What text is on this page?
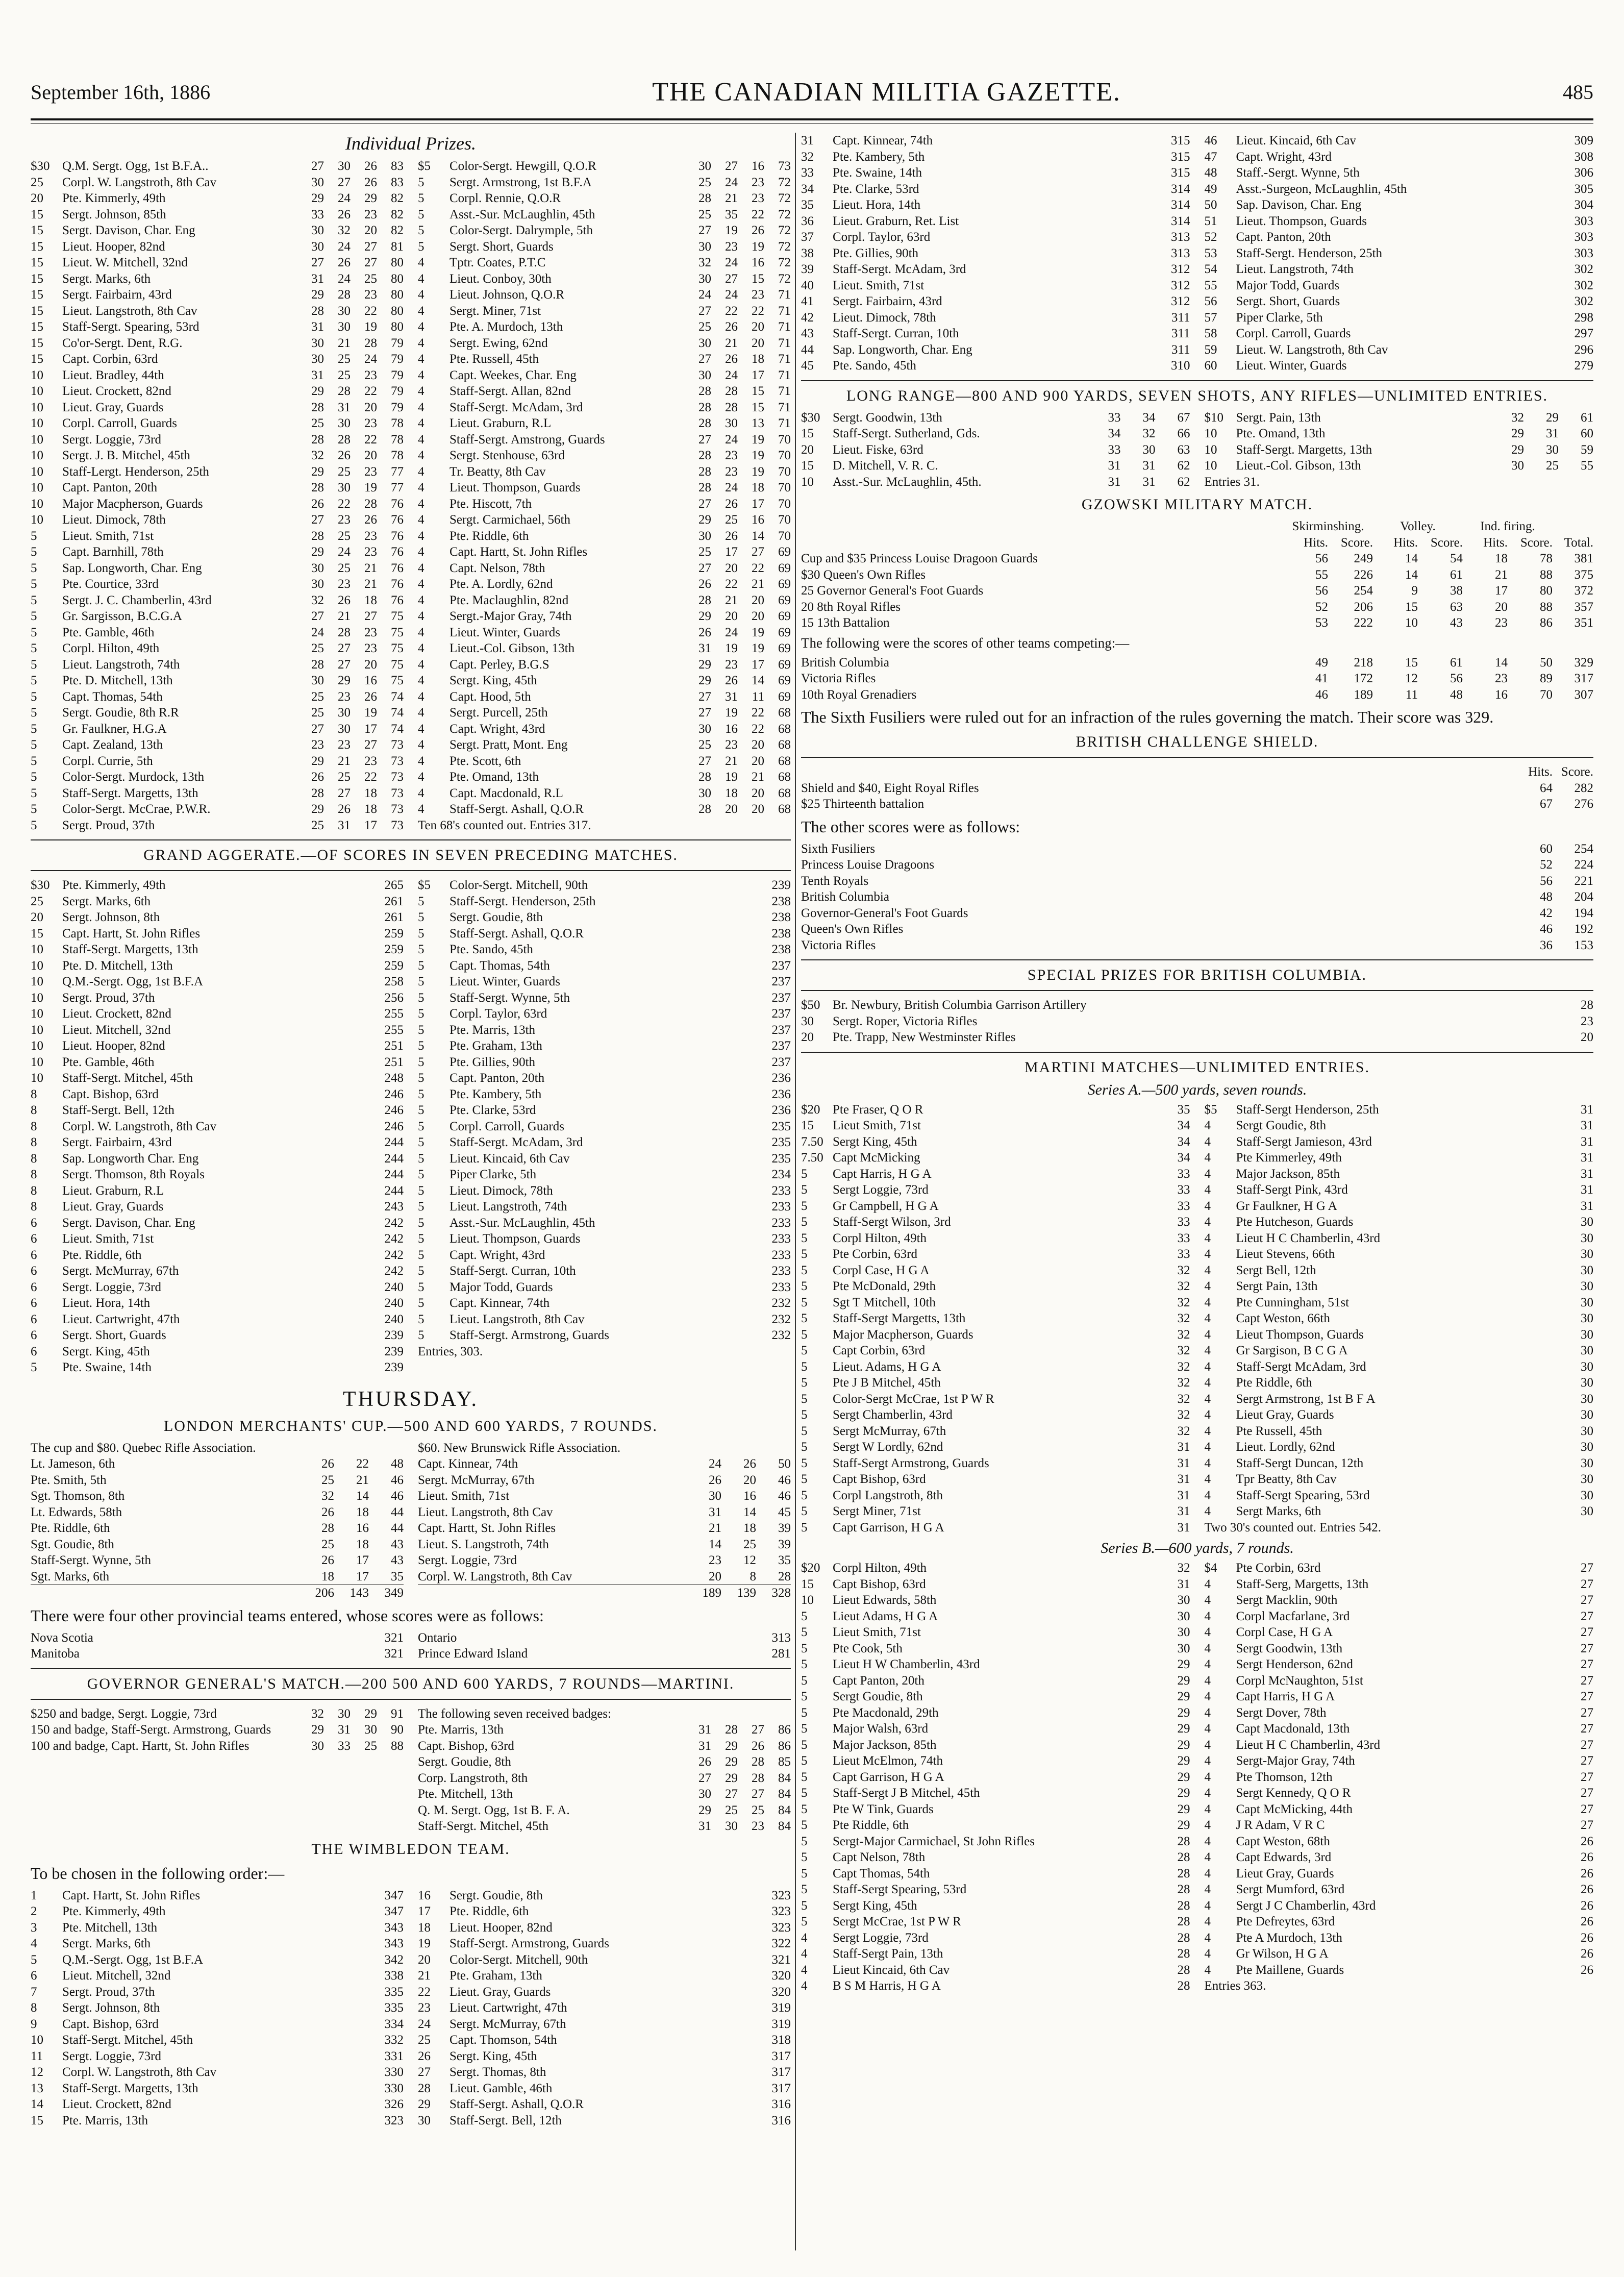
September 16th, 1886	THE CANADIAN MILITIA GAZETTE.	485
Individual Prizes.
$30 Q.M. Sergt. Ogg, 1st B.F.A..	27	30	26	83
25	Corpl. W. Langstroth, 8th Cav	30	27	26	83
20	Pte. Kimmerly, 49th	29	24	29	82
15	Sergt. Johnson, 85th	33	26	23	82
15	Sergt. Davison, Char. Eng	30	32	20	82
15	Lieut. Hooper, 82nd	30	24	27	81
15	Lieut. W. Mitchell, 32nd	27	26	27	80
15	Sergt. Marks, 6th	31	24	25	80
15	Sergt. Fairbairn, 43rd	29	28	23	80
15	Lieut. Langstroth, 8th Cav	28	30	22	80
15	Staff-Sergt. Spearing, 53rd	31	30	19	80
15	Co'or-Sergt. Dent, R.G.	30	21	28	79
15	Capt. Corbin, 63rd	30	25	24	79
10	Lieut. Bradley, 44th	31	25	23	79
10	Lieut. Crockett, 82nd	29	28	22	79
10	Lieut. Gray, Guards	28	31	20	79
10	Corpl. Carroll, Guards	25	30	23	78
10	Sergt. Loggie, 73rd	28	28	22	78
10	Sergt. J. B. Mitchel, 45th	32	26	20	78
10	Staff-Lergt. Henderson, 25th	29	25	23	77
10	Capt. Panton, 20th	28	30	19	77
10	Major Macpherson, Guards	26	22	28	76
10	Lieut. Dimock, 78th	27	23	26	76
5	Lieut. Smith, 71st	28	25	23	76
5	Capt. Barnhill, 78th	29	24	23	76
5	Sap. Longworth, Char. Eng	30	25	21	76
5	Pte. Courtice, 33rd	30	23	21	76
5	Sergt. J. C. Chamberlin, 43rd	32	26	18	76
5	Gr. Sargisson, B.C.G.A	27	21	27	75
5	Pte. Gamble, 46th	24	28	23	75
5	Corpl. Hilton, 49th	25	27	23	75
5	Lieut. Langstroth, 74th	28	27	20	75
5	Pte. D. Mitchell, 13th	30	29	16	75
5	Capt. Thomas, 54th	25	23	26	74
5	Sergt. Goudie, 8th R.R	25	30	19	74
5	Gr. Faulkner, H.G.A	27	30	17	74
5	Capt. Zealand, 13th	23	23	27	73
5	Corpl. Currie, 5th	29	21	23	73
5	Color-Sergt. Murdock, 13th	26	25	22	73
5	Staff-Sergt. Margetts, 13th	28	27	18	73
5	Color-Sergt. McCrae, P.W.R.	29	26	18	73
5	Sergt. Proud, 37th	25	31	17	73
$5	Color-Sergt. Hewgill, Q.O.R	30	27	16	73
5	Sergt. Armstrong, 1st B.F.A	25	24	23	72
5	Corpl. Rennie, Q.O.R	28	21	23	72
5	Asst.-Sur. McLaughlin, 45th	25	35	22	72
5	Color-Sergt. Dalrymple, 5th	27	19	26	72
5	Sergt. Short, Guards	30	23	19	72
4	Tptr. Coates, P.T.C	32	24	16	72
4	Lieut. Conboy, 30th	30	27	15	72
4	Lieut. Johnson, Q.O.R	24	24	23	71
4	Sergt. Miner, 71st	27	22	22	71
4	Pte. A. Murdoch, 13th	25	26	20	71
4	Sergt. Ewing, 62nd	30	21	20	71
4	Pte. Russell, 45th	27	26	18	71
4	Capt. Weekes, Char. Eng	30	24	17	71
4	Staff-Sergt. Allan, 82nd	28	28	15	71
4	Staff-Sergt. McAdam, 3rd	28	28	15	71
4	Lieut. Graburn, R.L	28	30	13	71
4	Staff-Sergt. Amstrong, Guards	27	24	19	70
4	Sergt. Stenhouse, 63rd	28	23	19	70
4	Tr. Beatty, 8th Cav	28	23	19	70
4	Lieut. Thompson, Guards	28	24	18	70
4	Pte. Hiscott, 7th	27	26	17	70
4	Sergt. Carmichael, 56th	29	25	16	70
4	Pte. Riddle, 6th	30	26	14	70
4	Capt. Hartt, St. John Rifles	25	17	27	69
4	Capt. Nelson, 78th	27	20	22	69
4	Pte. A. Lordly, 62nd	26	22	21	69
4	Pte. Maclaughlin, 82nd	28	21	20	69
4	Sergt.-Major Gray, 74th	29	20	20	69
4	Lieut. Winter, Guards	26	24	19	69
4	Lieut.-Col. Gibson, 13th	31	19	19	69
4	Capt. Perley, B.G.S	29	23	17	69
4	Sergt. King, 45th	29	26	14	69
4	Capt. Hood, 5th	27	31	11	69
4	Sergt. Purcell, 25th	27	19	22	68
4	Capt. Wright, 43rd	30	16	22	68
4	Sergt. Pratt, Mont. Eng	25	23	20	68
4	Pte. Scott, 6th	27	21	20	68
4	Pte. Omand, 13th	28	19	21	68
4	Capt. Macdonald, R.L	30	18	20	68
4	Staff-Sergt. Ashall, Q.O.R	28	20	20	68
Ten 68's counted out. Entries 317.
GRAND AGGERATE.—OF SCORES IN SEVEN PRECEDING MATCHES.
$30 Pte. Kimmerly, 49th	265
25	Sergt. Marks, 6th	261
20	Sergt. Johnson, 8th	261
15	Capt. Hartt, St. John Rifles	259
10	Staff-Sergt. Margetts, 13th	259
10	Pte. D. Mitchell, 13th	259
10	Q.M.-Sergt. Ogg, 1st B.F.A	258
10	Sergt. Proud, 37th	256
10	Lieut. Crockett, 82nd	255
10	Lieut. Mitchell, 32nd	255
10	Lieut. Hooper, 82nd	251
10	Pte. Gamble, 46th	251
10	Staff-Sergt. Mitchel, 45th	248
8	Capt. Bishop, 63rd	246
8	Staff-Sergt. Bell, 12th	246
8	Corpl. W. Langstroth, 8th Cav	246
8	Sergt. Fairbairn, 43rd	244
8	Sap. Longworth Char. Eng	244
8	Sergt. Thomson, 8th Royals	244
8	Lieut. Graburn, R.L	244
8	Lieut. Gray, Guards	243
6	Sergt. Davison, Char. Eng	242
6	Lieut. Smith, 71st	242
6	Pte. Riddle, 6th	242
6	Sergt. McMurray, 67th	242
6	Sergt. Loggie, 73rd	240
6	Lieut. Hora, 14th	240
6	Lieut. Cartwright, 47th	240
6	Sergt. Short, Guards	239
6	Sergt. King, 45th	239
5	Pte. Swaine, 14th	239
$5	Color-Sergt. Mitchell, 90th	239
5	Staff-Sergt. Henderson, 25th	238
5	Sergt. Goudie, 8th	238
5	Staff-Sergt. Ashall, Q.O.R	238
5	Pte. Sando, 45th	238
5	Capt. Thomas, 54th	237
5	Lieut. Winter, Guards	237
5	Staff-Sergt. Wynne, 5th	237
5	Corpl. Taylor, 63rd	237
5	Pte. Marris, 13th	237
5	Pte. Graham, 13th	237
5	Pte. Gillies, 90th	237
5	Capt. Panton, 20th	236
5	Pte. Kambery, 5th	236
5	Pte. Clarke, 53rd	236
5	Corpl. Carroll, Guards	235
5	Staff-Sergt. McAdam, 3rd	235
5	Lieut. Kincaid, 6th Cav	235
5	Piper Clarke, 5th	234
5	Lieut. Dimock, 78th	233
5	Lieut. Langstroth, 74th	233
5	Asst.-Sur. McLaughlin, 45th	233
5	Lieut. Thompson, Guards	233
5	Capt. Wright, 43rd	233
5	Staff-Sergt. Curran, 10th	233
5	Major Todd, Guards	233
5	Capt. Kinnear, 74th	232
5	Lieut. Langstroth, 8th Cav	232
5	Staff-Sergt. Armstrong, Guards	232
Entries, 303.
THURSDAY.
LONDON MERCHANTS' CUP.—500 AND 600 YARDS, 7 ROUNDS.
The cup and $80. Quebec Rifle Association.
Lt. Jameson, 6th	26	22	48
Pte. Smith, 5th	25	21	46
Sgt. Thomson, 8th	32	14	46
Lt. Edwards, 58th	26	18	44
Pte. Riddle, 6th	28	16	44
Sgt. Goudie, 8th	25	18	43
Staff-Sergt. Wynne, 5th	26	17	43
Sgt. Marks, 6th	18	17	35
206	143	349
$60. New Brunswick Rifle Association.
Capt. Kinnear, 74th	24	26	50
Sergt. McMurray, 67th	26	20	46
Lieut. Smith, 71st	30	16	46
Lieut. Langstroth, 8th Cav	31	14	45
Capt. Hartt, St. John Rifles	21	18	39
Lieut. S. Langstroth, 74th	14	25	39
Sergt. Loggie, 73rd	23	12	35
Corpl. W. Langstroth, 8th Cav	20	8	28
189	139	328
There were four other provincial teams entered, whose scores were as follows:
Nova Scotia	321
Manitoba	321
Ontario	313
Prince Edward Island	281
GOVERNOR GENERAL'S MATCH.—200 500 AND 600 YARDS, 7 ROUNDS—MARTINI.
$250 and badge, Sergt. Loggie, 73rd	32	30	29	91
150 and badge, Staff-Sergt. Armstrong, Guards	29	31	30	90
100 and badge, Capt. Hartt, St. John Rifles	30	33	25	88
The following seven received badges:
Pte. Marris, 13th	31	28	27	86
Capt. Bishop, 63rd	31	29	26	86
Sergt. Goudie, 8th	26	29	28	85
Corp. Langstroth, 8th	27	29	28	84
Pte. Mitchell, 13th	30	27	27	84
Q. M. Sergt. Ogg, 1st B. F. A.	29	25	25	84
Staff-Sergt. Mitchel, 45th	31	30	23	84
THE WIMBLEDON TEAM.
To be chosen in the following order:—
1	Capt. Hartt, St. John Rifles	347
2	Pte. Kimmerly, 49th	347
3	Pte. Mitchell, 13th	343
4	Sergt. Marks, 6th	343
5	Q.M.-Sergt. Ogg, 1st B.F.A	342
6	Lieut. Mitchell, 32nd	338
7	Sergt. Proud, 37th	335
8	Sergt. Johnson, 8th	335
9	Capt. Bishop, 63rd	334
10	Staff-Sergt. Mitchel, 45th	332
11	Sergt. Loggie, 73rd	331
12	Corpl. W. Langstroth, 8th Cav	330
13	Staff-Sergt. Margetts, 13th	330
14	Lieut. Crockett, 82nd	326
15	Pte. Marris, 13th	323
16	Sergt. Goudie, 8th	323
17	Pte. Riddle, 6th	323
18	Lieut. Hooper, 82nd	323
19	Staff-Sergt. Armstrong, Guards	322
20	Color-Sergt. Mitchell, 90th	321
21	Pte. Graham, 13th	320
22	Lieut. Gray, Guards	320
23	Lieut. Cartwright, 47th	319
24	Sergt. McMurray, 67th	319
25	Capt. Thomson, 54th	318
26	Sergt. King, 45th	317
27	Sergt. Thomas, 8th	317
28	Lieut. Gamble, 46th	317
29	Staff-Sergt. Ashall, Q.O.R	316
30	Staff-Sergt. Bell, 12th	316
31	Capt. Kinnear, 74th	315
32	Pte. Kambery, 5th	315
33	Pte. Swaine, 14th	315
34	Pte. Clarke, 53rd	314
35	Lieut. Hora, 14th	314
36	Lieut. Graburn, Ret. List	314
37	Corpl. Taylor, 63rd	313
38	Pte. Gillies, 90th	313
39	Staff-Sergt. McAdam, 3rd	312
40	Lieut. Smith, 71st	312
41	Sergt. Fairbairn, 43rd	312
42	Lieut. Dimock, 78th	311
43	Staff-Sergt. Curran, 10th	311
44	Sap. Longworth, Char. Eng	311
45	Pte. Sando, 45th	310
46	Lieut. Kincaid, 6th Cav	309
47	Capt. Wright, 43rd	308
48	Staff.-Sergt. Wynne, 5th	306
49	Asst.-Surgeon, McLaughlin, 45th	305
50	Sap. Davison, Char. Eng	304
51	Lieut. Thompson, Guards	303
52	Capt. Panton, 20th	303
53	Staff-Sergt. Henderson, 25th	303
54	Lieut. Langstroth, 74th	302
55	Major Todd, Guards	302
56	Sergt. Short, Guards	302
57	Piper Clarke, 5th	298
58	Corpl. Carroll, Guards	297
59	Lieut. W. Langstroth, 8th Cav	296
60	Lieut. Winter, Guards	279
LONG RANGE—800 AND 900 YARDS, SEVEN SHOTS, ANY RIFLES—UNLIMITED ENTRIES.
$30 Sergt. Goodwin, 13th	33	34	67
15	Staff-Sergt. Sutherland, Gds.	34	32	66
20	Lieut. Fiske, 63rd	33	30	63
15	D. Mitchell, V. R. C.	31	31	62
10	Asst.-Sur. McLaughlin, 45th.	31	31	62
$10 Sergt. Pain, 13th	32	29	61
10	Pte. Omand, 13th	29	31	60
10	Staff-Sergt. Margetts, 13th	29	30	59
10	Lieut.-Col. Gibson, 13th	30	25	55
Entries 31.
GZOWSKI MILITARY MATCH.
Skirminshing.	Volley.	Ind. firing.
Hits. Score.	Hits. Score.	Hits. Score. Total.
Cup and $35 Princess Louise Dragoon Guards	56	249	14	54	18	78	381
$30 Queen's Own Rifles	55	226	14	61	21	88	375
25 Governor General's Foot Guards	56	254	9	38	17	80	372
20 8th Royal Rifles	52	206	15	63	20	88	357
15 13th Battalion	53	222	10	43	23	86	351
The following were the scores of other teams competing:—
British Columbia	49	218	15	61	14	50	329
Victoria Rifles	41	172	12	56	23	89	317
10th Royal Grenadiers	46	189	11	48	16	70	307
The Sixth Fusiliers were ruled out for an infraction of the rules governing the match. Their score was 329.
BRITISH CHALLENGE SHIELD.
Hits. Score.
Shield and $40, Eight Royal Rifles	64	282
$25 Thirteenth battalion	67	276
The other scores were as follows:
Sixth Fusiliers	60	254
Princess Louise Dragoons	52	224
Tenth Royals	56	221
British Columbia	48	204
Governor-General's Foot Guards	42	194
Queen's Own Rifles	46	192
Victoria Rifles	36	153
SPECIAL PRIZES FOR BRITISH COLUMBIA.
$50 Br. Newbury, British Columbia Garrison Artillery	28
30	Sergt. Roper, Victoria Rifles	23
20	Pte. Trapp, New Westminster Rifles	20
MARTINI MATCHES—UNLIMITED ENTRIES.
Series A.—500 yards, seven rounds.
$20 Pte Fraser, Q O R	35
15	Lieut Smith, 71st	34
7.50 Sergt King, 45th	34
7.50 Capt McMicking	34
5	Capt Harris, H G A	33
5	Sergt Loggie, 73rd	33
5	Gr Campbell, H G A	33
5	Staff-Sergt Wilson, 3rd	33
5	Corpl Hilton, 49th	33
5	Pte Corbin, 63rd	33
5	Corpl Case, H G A	32
5	Pte McDonald, 29th	32
5	Sgt T Mitchell, 10th	32
5	Staff-Sergt Margetts, 13th	32
5	Major Macpherson, Guards	32
5	Capt Corbin, 63rd	32
5	Lieut. Adams, H G A	32
5	Pte J B Mitchel, 45th	32
5	Color-Sergt McCrae, 1st P W R	32
5	Sergt Chamberlin, 43rd	32
5	Sergt McMurray, 67th	32
5	Sergt W Lordly, 62nd	31
5	Staff-Sergt Armstrong, Guards	31
5	Capt Bishop, 63rd	31
5	Corpl Langstroth, 8th	31
5	Sergt Miner, 71st	31
5	Capt Garrison, H G A	31
$5	Staff-Sergt Henderson, 25th	31
4	Sergt Goudie, 8th	31
4	Staff-Sergt Jamieson, 43rd	31
4	Pte Kimmerley, 49th	31
4	Major Jackson, 85th	31
4	Staff-Sergt Pink, 43rd	31
4	Gr Faulkner, H G A	31
4	Pte Hutcheson, Guards	30
4	Lieut H C Chamberlin, 43rd	30
4	Lieut Stevens, 66th	30
4	Sergt Bell, 12th	30
4	Sergt Pain, 13th	30
4	Pte Cunningham, 51st	30
4	Capt Weston, 66th	30
4	Lieut Thompson, Guards	30
4	Gr Sargison, B C G A	30
4	Staff-Sergt McAdam, 3rd	30
4	Pte Riddle, 6th	30
4	Sergt Armstrong, 1st B F A	30
4	Lieut Gray, Guards	30
4	Pte Russell, 45th	30
4	Lieut. Lordly, 62nd	30
4	Staff-Sergt Duncan, 12th	30
4	Tpr Beatty, 8th Cav	30
4	Staff-Sergt Spearing, 53rd	30
4	Sergt Marks, 6th	30
Two 30's counted out. Entries 542.
Series B.—600 yards, 7 rounds.
$20 Corpl Hilton, 49th	32
15	Capt Bishop, 63rd	31
10	Lieut Edwards, 58th	30
5	Lieut Adams, H G A	30
5	Lieut Smith, 71st	30
5	Pte Cook, 5th	30
5	Lieut H W Chamberlin, 43rd	29
5	Capt Panton, 20th	29
5	Sergt Goudie, 8th	29
5	Pte Macdonald, 29th	29
5	Major Walsh, 63rd	29
5	Major Jackson, 85th	29
5	Lieut McElmon, 74th	29
5	Capt Garrison, H G A	29
5	Staff-Sergt J B Mitchel, 45th	29
5	Pte W Tink, Guards	29
5	Pte Riddle, 6th	29
5	Sergt-Major Carmichael, St John Rifles	28
5	Capt Nelson, 78th	28
5	Capt Thomas, 54th	28
5	Staff-Sergt Spearing, 53rd	28
5	Sergt King, 45th	28
5	Sergt McCrae, 1st P W R	28
4	Sergt Loggie, 73rd	28
4	Staff-Sergt Pain, 13th	28
4	Lieut Kincaid, 6th Cav	28
4	B S M Harris, H G A	28
$4	Pte Corbin, 63rd	27
4	Staff-Serg, Margetts, 13th	27
4	Sergt Macklin, 90th	27
4	Corpl Macfarlane, 3rd	27
4	Corpl Case, H G A	27
4	Sergt Goodwin, 13th	27
4	Sergt Henderson, 62nd	27
4	Corpl McNaughton, 51st	27
4	Capt Harris, H G A	27
4	Sergt Dover, 78th	27
4	Capt Macdonald, 13th	27
4	Lieut H C Chamberlin, 43rd	27
4	Sergt-Major Gray, 74th	27
4	Pte Thomson, 12th	27
4	Sergt Kennedy, Q O R	27
4	Capt McMicking, 44th	27
4	J R Adam, V R C	27
4	Capt Weston, 68th	26
4	Capt Edwards, 3rd	26
4	Lieut Gray, Guards	26
4	Sergt Mumford, 63rd	26
4	Sergt J C Chamberlin, 43rd	26
4	Pte Defreytes, 63rd	26
4	Pte A Murdoch, 13th	26
4	Gr Wilson, H G A	26
4	Pte Maillene, Guards	26
Entries 363.
